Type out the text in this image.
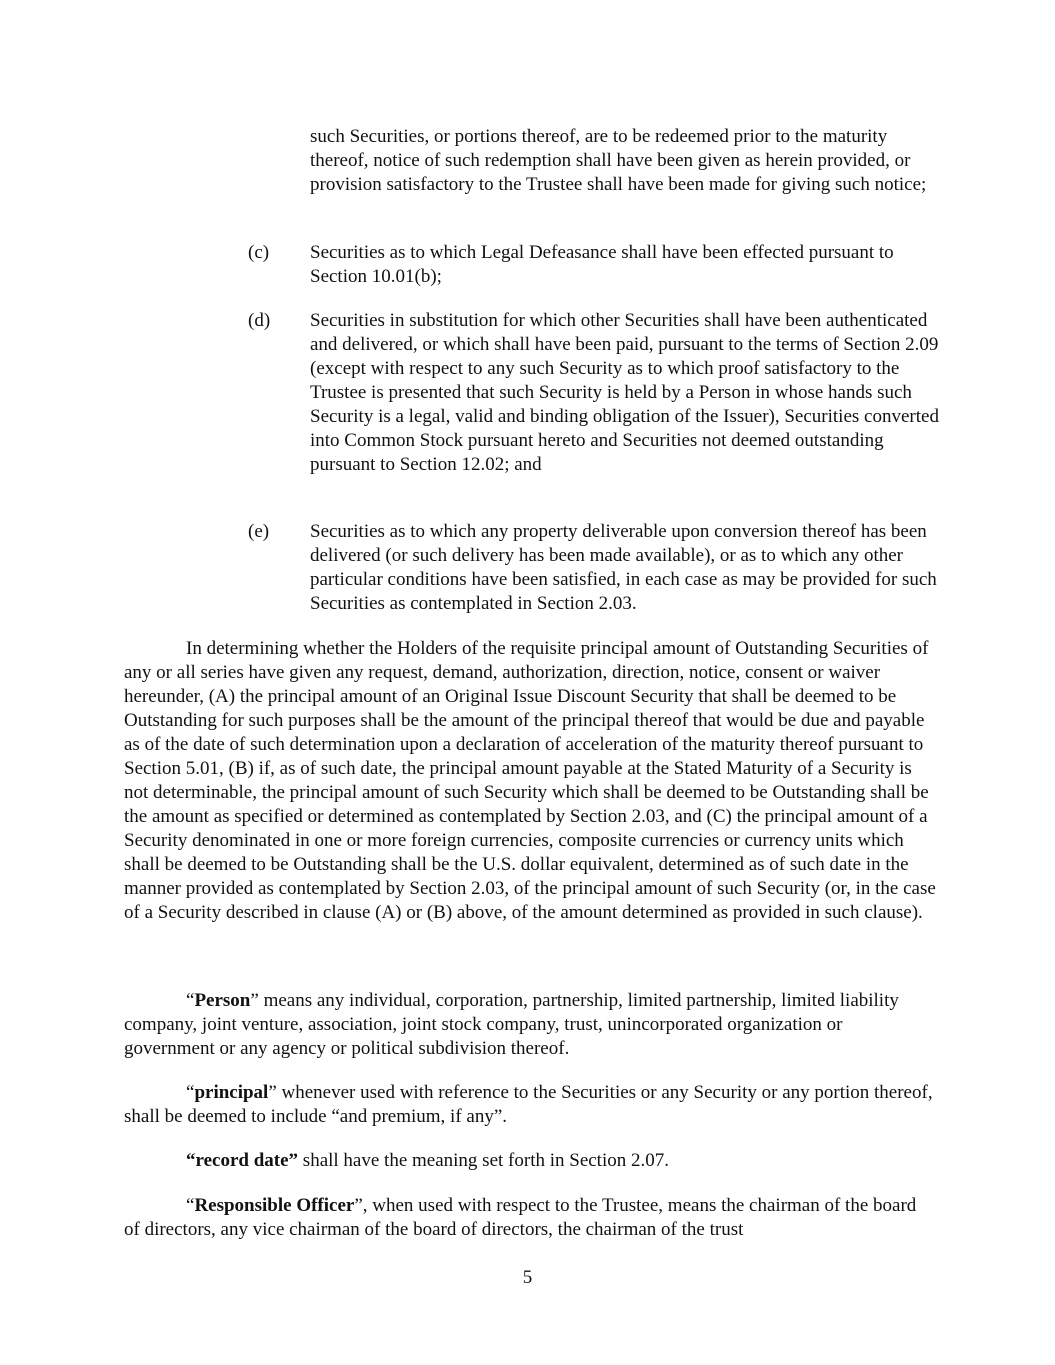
such Securities, or portions thereof, are to be redeemed prior to the maturity thereof, notice of such redemption shall have been given as herein provided, or provision satisfactory to the Trustee shall have been made for giving such notice;

(c) Securities as to which Legal Defeasance shall have been effected pursuant to Section 10.01(b);
(d) Securities in substitution for which other Securities shall have been authenticated and delivered, or which shall have been paid, pursuant to the terms of Section 2.09 (except with respect to any such Security as to which proof satisfactory to the Trustee is presented that such Security is held by a Person in whose hands such Security is a legal, valid and binding obligation of the Issuer), Securities converted into Common Stock pursuant hereto and Securities not deemed outstanding pursuant to Section 12.02; and
(e) Securities as to which any property deliverable upon conversion thereof has been delivered (or such delivery has been made available), or as to which any other particular conditions have been satisfied, in each case as may be provided for such Securities as contemplated in Section 2.03.

In determining whether the Holders of the requisite principal amount of Outstanding Securities of any or all series have given any request, demand, authorization, direction, notice, consent or waiver hereunder, (A) the principal amount of an Original Issue Discount Security that shall be deemed to be Outstanding for such purposes shall be the amount of the principal thereof that would be due and payable as of the date of such determination upon a declaration of acceleration of the maturity thereof pursuant to Section 5.01, (B) if, as of such date, the principal amount payable at the Stated Maturity of a Security is not determinable, the principal amount of such Security which shall be deemed to be Outstanding shall be the amount as specified or determined as contemplated by Section 2.03, and (C) the principal amount of a Security denominated in one or more foreign currencies, composite currencies or currency units which shall be deemed to be Outstanding shall be the U.S. dollar equivalent, determined as of such date in the manner provided as contemplated by Section 2.03, of the principal amount of such Security (or, in the case of a Security described in clause (A) or (B) above, of the amount determined as provided in such clause).

“Person” means any individual, corporation, partnership, limited partnership, limited liability company, joint venture, association, joint stock company, trust, unincorporated organization or government or any agency or political subdivision thereof.

“principal” whenever used with reference to the Securities or any Security or any portion thereof, shall be deemed to include “and premium, if any”.

“record date” shall have the meaning set forth in Section 2.07.

“Responsible Officer”, when used with respect to the Trustee, means the chairman of the board of directors, any vice chairman of the board of directors, the chairman of the trust

5
